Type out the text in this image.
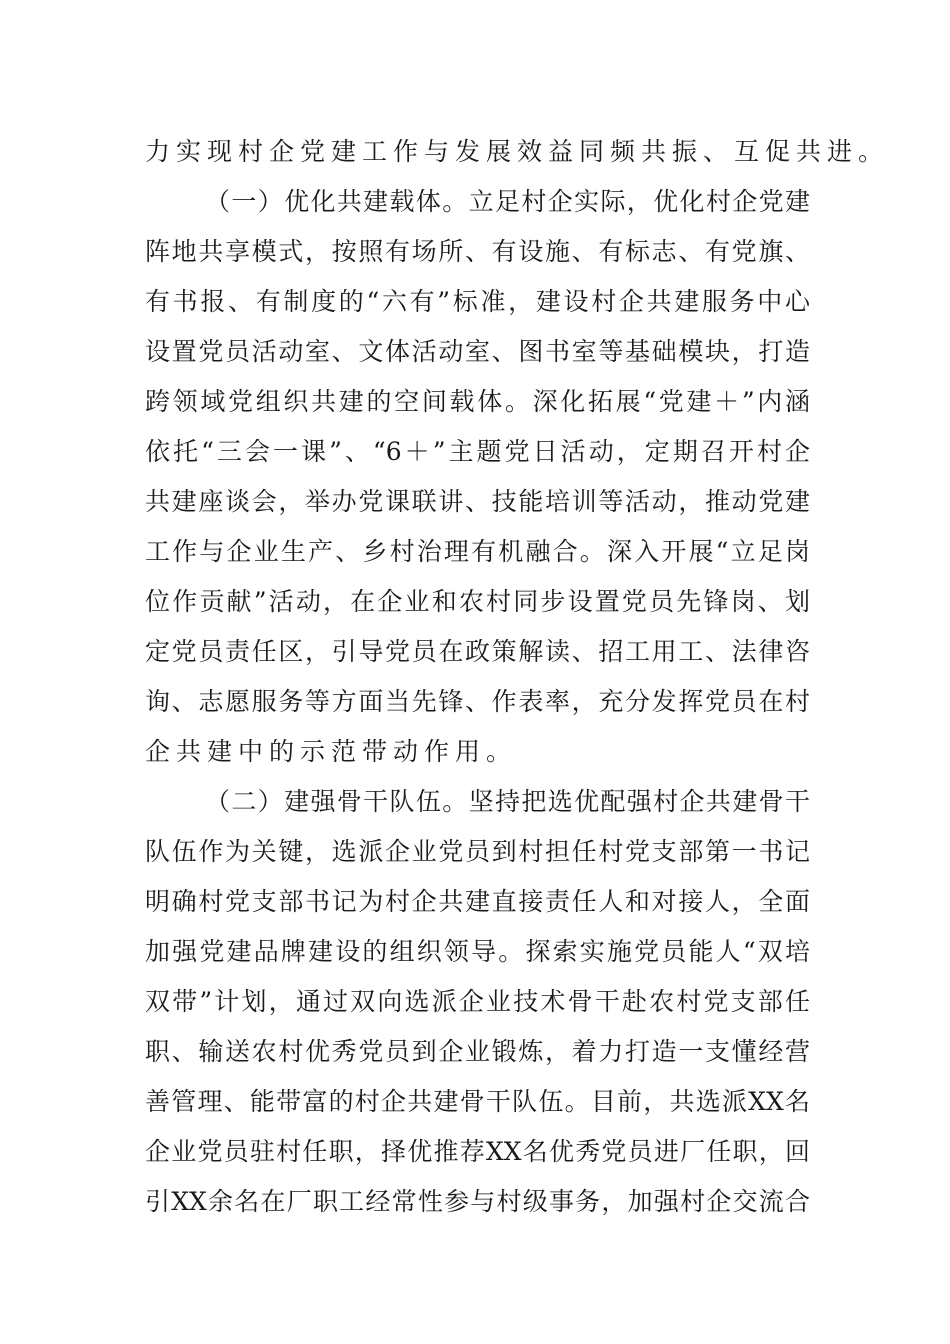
力实现村企党建工作与发展效益同频共振、互促共进。
（一）优化共建载体。立足村企实际，优化村企党建
阵地共享模式，按照有场所、有设施、有标志、有党旗、
有书报、有制度的“六有”标准，建设村企共建服务中心
设置党员活动室、文体活动室、图书室等基础模块，打造
跨领域党组织共建的空间载体。深化拓展“党建＋”内涵
依托“三会一课”、“6＋”主题党日活动，定期召开村企
共建座谈会，举办党课联讲、技能培训等活动，推动党建
工作与企业生产、乡村治理有机融合。深入开展“立足岗
位作贡献”活动，在企业和农村同步设置党员先锋岗、划
定党员责任区，引导党员在政策解读、招工用工、法律咨
询、志愿服务等方面当先锋、作表率，充分发挥党员在村
企共建中的示范带动作用。
（二）建强骨干队伍。坚持把选优配强村企共建骨干
队伍作为关键，选派企业党员到村担任村党支部第一书记
明确村党支部书记为村企共建直接责任人和对接人，全面
加强党建品牌建设的组织领导。探索实施党员能人“双培
双带”计划，通过双向选派企业技术骨干赴农村党支部任
职、输送农村优秀党员到企业锻炼，着力打造一支懂经营
善管理、能带富的村企共建骨干队伍。目前，共选派XX名
企业党员驻村任职，择优推荐XX名优秀党员进厂任职，回
引XX余名在厂职工经常性参与村级事务，加强村企交流合
